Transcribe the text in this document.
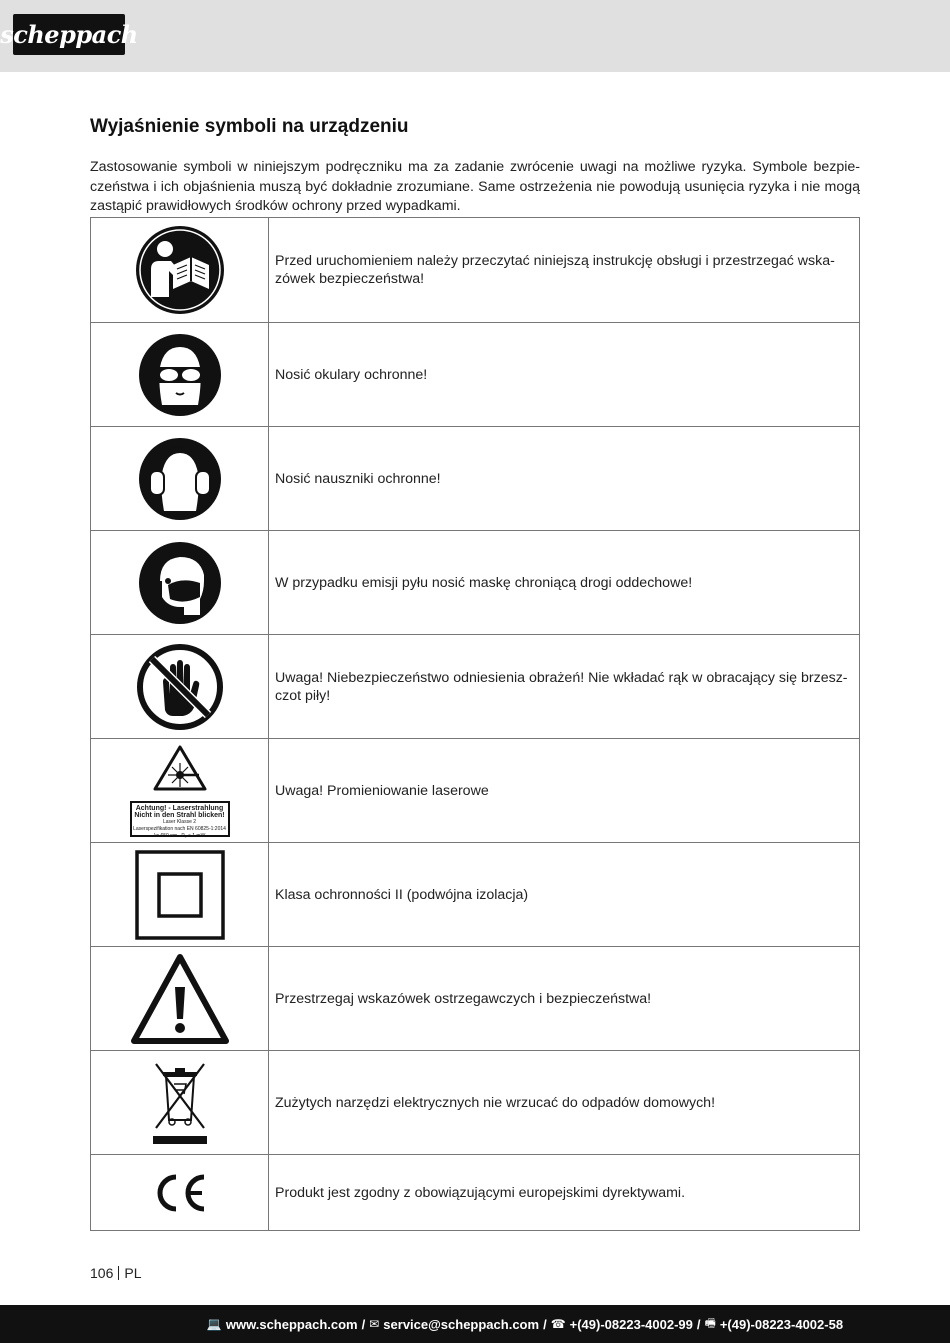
scheppach
Wyjaśnienie symboli na urządzeniu

Zastosowanie symboli w niniejszym podręczniku ma za zadanie zwrócenie uwagi na możliwe ryzyka. Symbole bezpie-czeństwa i ich objaśnienia muszą być dokładnie zrozumiane. Same ostrzeżenia nie powodują usunięcia ryzyka i nie mogą zastąpić prawidłowych środków ochrony przed wypadkami.

Przed uruchomieniem należy przeczytać niniejszą instrukcję obsługi i przestrzegać wska-zówek bezpieczeństwa!
Nosić okulary ochronne!
Nosić nauszniki ochronne!
W przypadku emisji pyłu nosić maskę chroniącą drogi oddechowe!
Uwaga! Niebezpieczeństwo odniesienia obrażeń! Nie wkładać rąk w obracający się brzesz-czot piły!
Achtung! - Laserstrahlung
Nicht in den Strahl blicken!
Laser Klasse 2
Laserspezifikation nach EN 60825-1:2014
λ= 650 nm Pₒ < 1 mW
Uwaga! Promieniowanie laserowe
Klasa ochronności II (podwójna izolacja)
Przestrzegaj wskazówek ostrzegawczych i bezpieczeństwa!
Zużytych narzędzi elektrycznych nie wrzucać do odpadów domowych!
Produkt jest zgodny z obowiązującymi europejskimi dyrektywami.
106 PL
💻 www.scheppach.com / ✉ service@scheppach.com / ☎ +(49)-08223-4002-99 / 🖷 +(49)-08223-4002-58
